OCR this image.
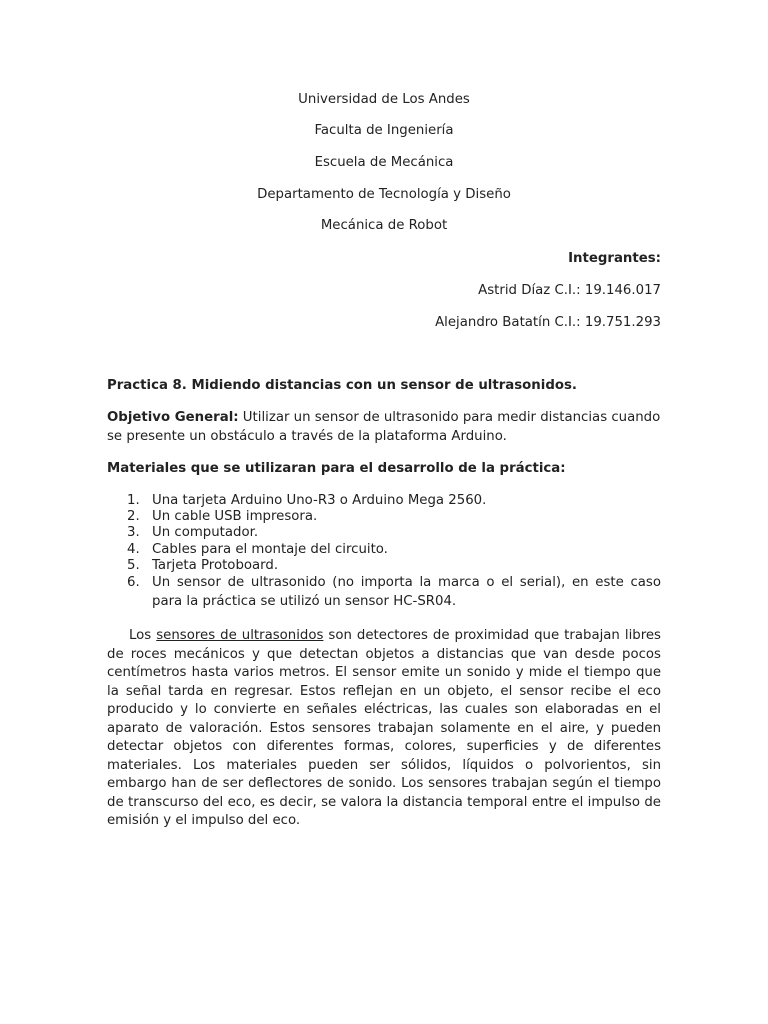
Universidad de Los Andes
Faculta de Ingeniería
Escuela de Mecánica
Departamento de Tecnología y Diseño
Mecánica de Robot
Integrantes:
Astrid Díaz C.I.: 19.146.017
Alejandro Batatín C.I.: 19.751.293
Practica 8. Midiendo distancias con un sensor de ultrasonidos.
Objetivo General: Utilizar un sensor de ultrasonido para medir distancias cuando se presente un obstáculo a través de la plataforma Arduino.
Materiales que se utilizaran para el desarrollo de la práctica:
1. Una tarjeta Arduino Uno-R3 o Arduino Mega 2560.
2. Un cable USB impresora.
3. Un computador.
4. Cables para el montaje del circuito.
5. Tarjeta Protoboard.
6. Un sensor de ultrasonido (no importa la marca o el serial), en este caso para la práctica se utilizó un sensor HC-SR04.
Los sensores de ultrasonidos son detectores de proximidad que trabajan libres de roces mecánicos y que detectan objetos a distancias que van desde pocos centímetros hasta varios metros. El sensor emite un sonido y mide el tiempo que la señal tarda en regresar. Estos reflejan en un objeto, el sensor recibe el eco producido y lo convierte en señales eléctricas, las cuales son elaboradas en el aparato de valoración. Estos sensores trabajan solamente en el aire, y pueden detectar objetos con diferentes formas, colores, superficies y de diferentes materiales. Los materiales pueden ser sólidos, líquidos o polvorientos, sin embargo han de ser deflectores de sonido. Los sensores trabajan según el tiempo de transcurso del eco, es decir, se valora la distancia temporal entre el impulso de emisión y el impulso del eco.
